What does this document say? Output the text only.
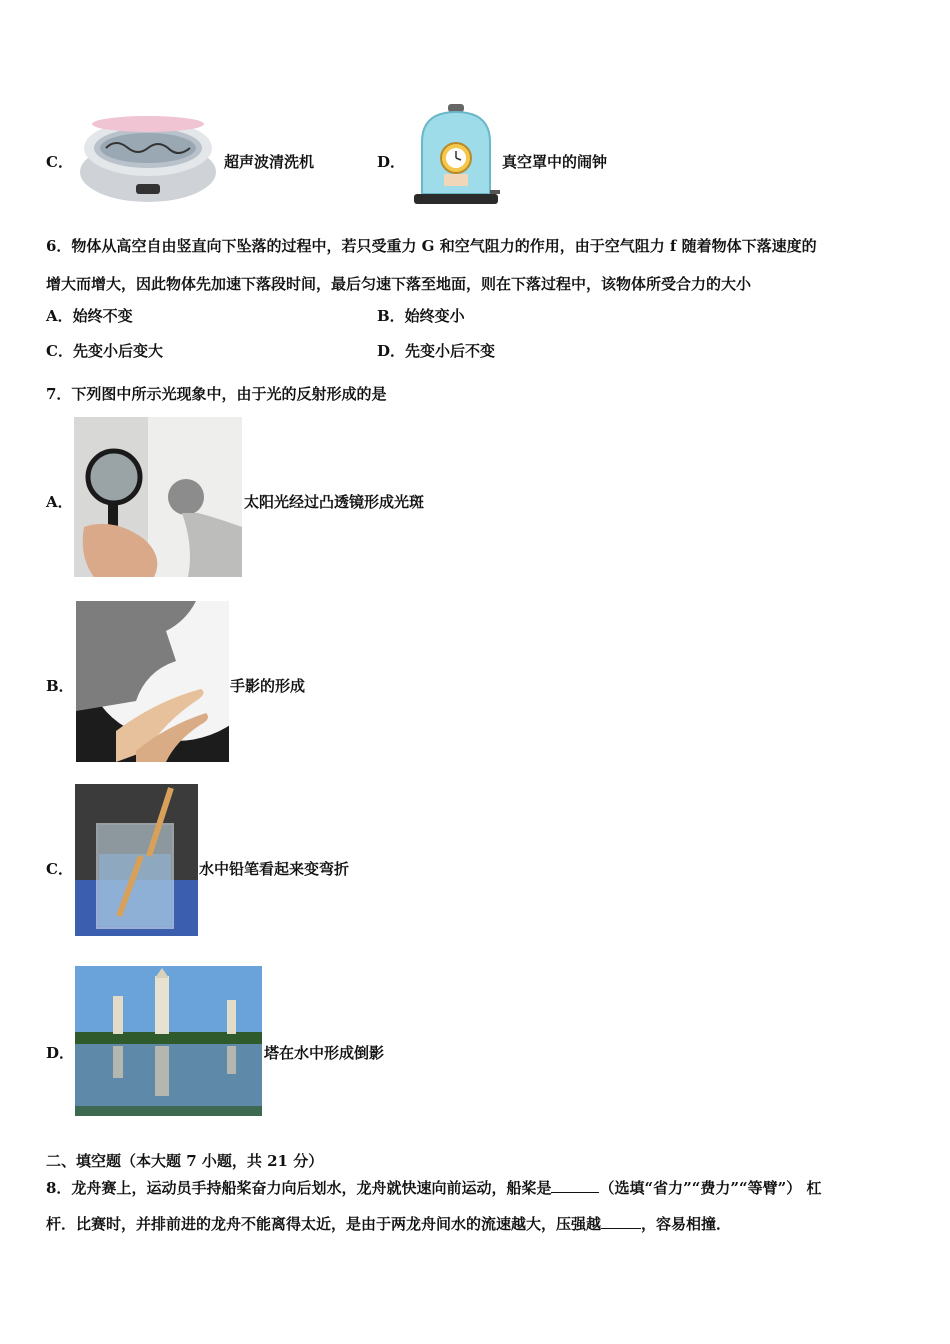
C．	超声波清洗机	D．	真空罩中的闹钟
6．物体从高空自由竖直向下坠落的过程中，若只受重力 G 和空气阻力的作用，由于空气阻力 f 随着物体下落速度的
增大而增大，因此物体先加速下落段时间，最后匀速下落至地面，则在下落过程中，该物体所受合力的大小
A．始终不变	B．始终变小
C．先变小后变大	D．先变小后不变
7．下列图中所示光现象中，由于光的反射形成的是
A．	太阳光经过凸透镜形成光斑
B．	手影的形成
C．	水中铅笔看起来变弯折
D．	塔在水中形成倒影
二、填空题（本大题 7 小题，共 21 分）
8．龙舟赛上，运动员手持船桨奋力向后划水，龙舟就快速向前运动，船桨是	（选填“省力”“费力”“等臂”） 杠
杆．比赛时，并排前进的龙舟不能离得太近，是由于两龙舟间水的流速越大，压强越	，容易相撞．
